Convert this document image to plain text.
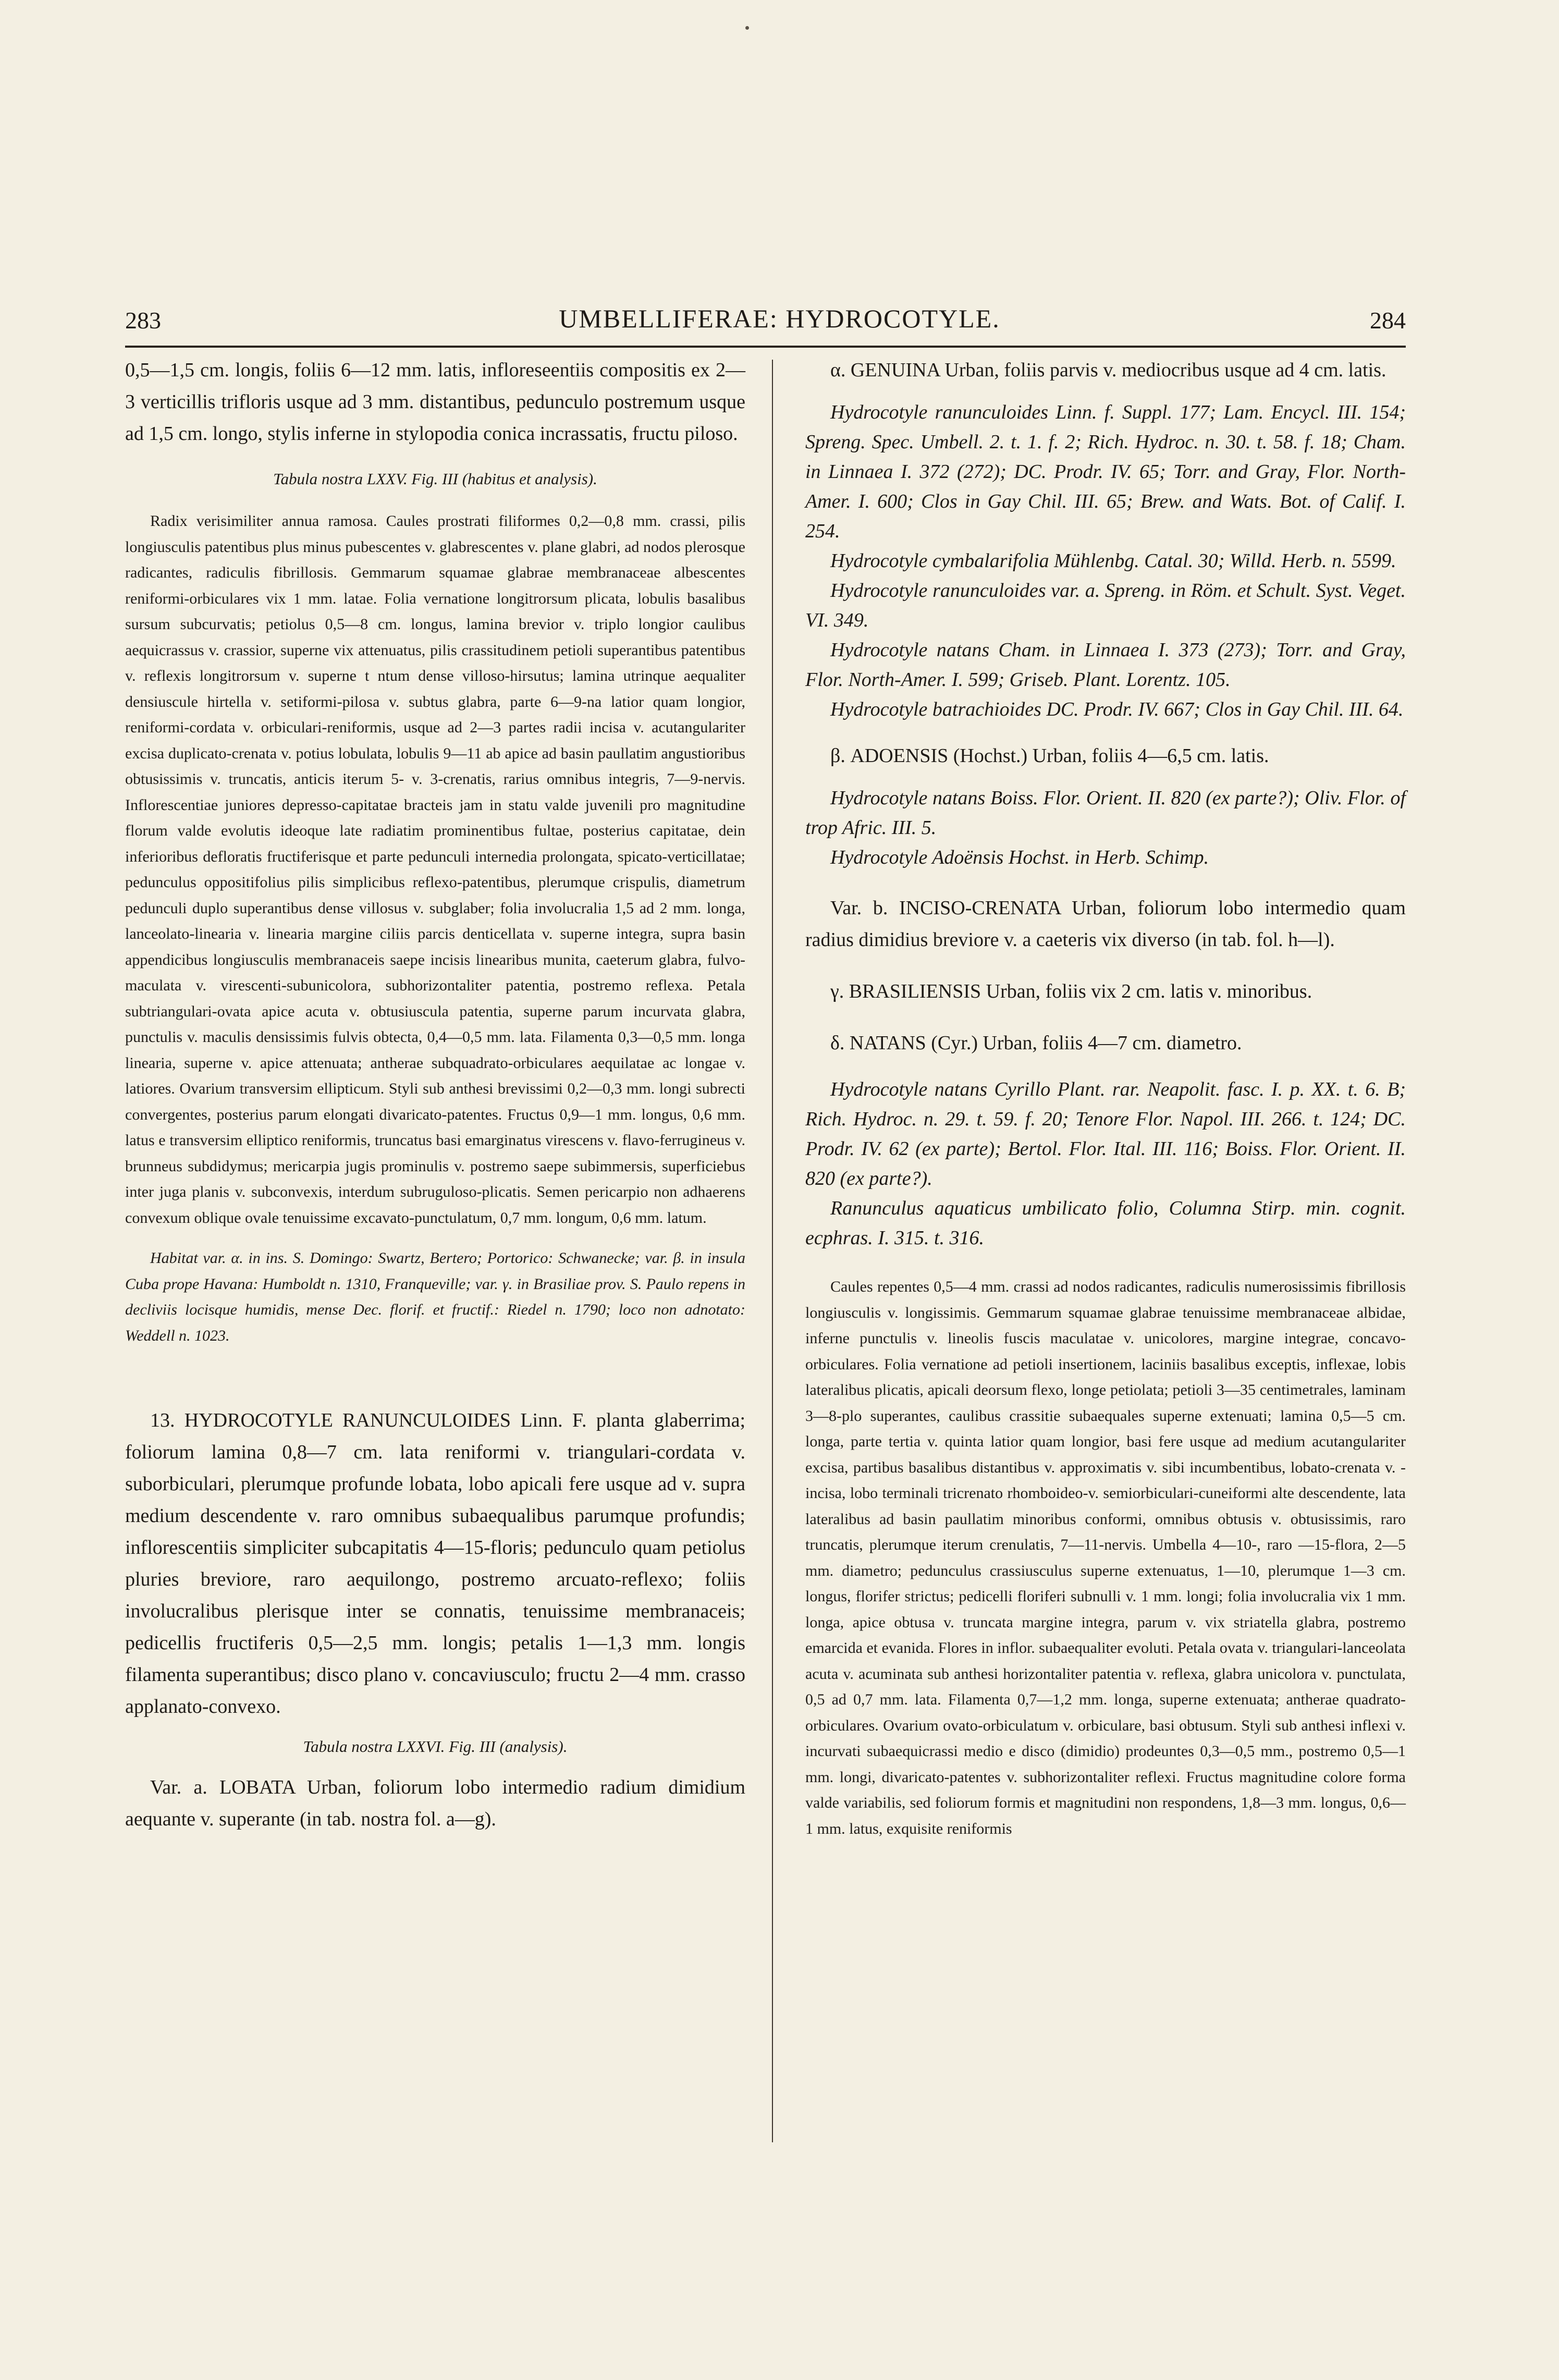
283	UMBELLIFERAE: HYDROCOTYLE.	284

0,5—1,5 cm. longis, foliis 6—12 mm. latis, infloreseentiis compositis ex 2—3 verticillis trifloris usque ad 3 mm. distantibus, pedunculo postremum usque ad 1,5 cm. longo, stylis inferne in stylopodia conica incrassatis, fructu piloso.

Tabula nostra LXXV. Fig. III (habitus et analysis).

Radix verisimiliter annua ramosa. Caules prostrati filiformes 0,2—0,8 mm. crassi, pilis longiusculis patentibus plus minus pubescentes v. glabrescentes v. plane glabri, ad nodos plerosque radicantes, radiculis fibrillosis. Gemmarum squamae glabrae membranaceae albescentes reniformi-orbiculares vix 1 mm. latae. Folia vernatione longitrorsum plicata, lobulis basalibus sursum subcurvatis; petiolus 0,5—8 cm. longus, lamina brevior v. triplo longior caulibus aequicrassus v. crassior, superne vix attenuatus, pilis crassitudinem petioli superantibus patentibus v. reflexis longitrorsum v. superne t ntum dense villoso-hirsutus; lamina utrinque aequaliter densiuscule hirtella v. setiformi-pilosa v. subtus glabra, parte 6—9-na latior quam longior, reniformi-cordata v. orbiculari-reniformis, usque ad 2—3 partes radii incisa v. acutangulariter excisa duplicato-crenata v. potius lobulata, lobulis 9—11 ab apice ad basin paullatim angustioribus obtusissimis v. truncatis, anticis iterum 5- v. 3-crenatis, rarius omnibus integris, 7—9-nervis. Inflorescentiae juniores depresso-capitatae bracteis jam in statu valde juvenili pro magnitudine florum valde evolutis ideoque late radiatim prominentibus fultae, posterius capitatae, dein inferioribus defloratis fructiferisque et parte pedunculi internedia prolongata, spicato-verticillatae; pedunculus oppositifolius pilis simplicibus reflexo-patentibus, plerumque crispulis, diametrum pedunculi duplo superantibus dense villosus v. subglaber; folia involucralia 1,5 ad 2 mm. longa, lanceolato-linearia v. linearia margine ciliis parcis denticellata v. superne integra, supra basin appendicibus longiusculis membranaceis saepe incisis linearibus munita, caeterum glabra, fulvo-maculata v. virescenti-subunicolora, subhorizontaliter patentia, postremo reflexa. Petala subtriangulari-ovata apice acuta v. obtusiuscula patentia, superne parum incurvata glabra, punctulis v. maculis densissimis fulvis obtecta, 0,4—0,5 mm. lata. Filamenta 0,3—0,5 mm. longa linearia, superne v. apice attenuata; antherae subquadrato-orbiculares aequilatae ac longae v. latiores. Ovarium transversim ellipticum. Styli sub anthesi brevissimi 0,2—0,3 mm. longi subrecti convergentes, posterius parum elongati divaricato-patentes. Fructus 0,9—1 mm. longus, 0,6 mm. latus e transversim elliptico reniformis, truncatus basi emarginatus virescens v. flavo-ferrugineus v. brunneus subdidymus; mericarpia jugis prominulis v. postremo saepe subimmersis, superficiebus inter juga planis v. subconvexis, interdum subruguloso-plicatis. Semen pericarpio non adhaerens convexum oblique ovale tenuissime excavato-punctulatum, 0,7 mm. longum, 0,6 mm. latum.

Habitat var. α. in ins. S. Domingo: Swartz, Bertero; Portorico: Schwanecke; var. β. in insula Cuba prope Havana: Humboldt n. 1310, Franqueville; var. γ. in Brasiliae prov. S. Paulo repens in decliviis locisque humidis, mense Dec. florif. et fructif.: Riedel n. 1790; loco non adnotato: Weddell n. 1023.

13. HYDROCOTYLE RANUNCULOIDES Linn. F. planta glaberrima; foliorum lamina 0,8—7 cm. lata reniformi v. triangulari-cordata v. suborbiculari, plerumque profunde lobata, lobo apicali fere usque ad v. supra medium descendente v. raro omnibus subaequalibus parumque profundis; inflorescentiis simpliciter subcapitatis 4—15-floris; pedunculo quam petiolus pluries breviore, raro aequilongo, postremo arcuato-reflexo; foliis involucralibus plerisque inter se connatis, tenuissime membranaceis; pedicellis fructiferis 0,5—2,5 mm. longis; petalis 1—1,3 mm. longis filamenta superantibus; disco plano v. concaviusculo; fructu 2—4 mm. crasso applanato-convexo.

Tabula nostra LXXVI. Fig. III (analysis).

Var. a. LOBATA Urban, foliorum lobo intermedio radium dimidium aequante v. superante (in tab. nostra fol. a—g).

α. GENUINA Urban, foliis parvis v. mediocribus usque ad 4 cm. latis.

Hydrocotyle ranunculoides Linn. f. Suppl. 177; Lam. Encycl. III. 154; Spreng. Spec. Umbell. 2. t. 1. f. 2; Rich. Hydroc. n. 30. t. 58. f. 18; Cham. in Linnaea I. 372 (272); DC. Prodr. IV. 65; Torr. and Gray, Flor. North-Amer. I. 600; Clos in Gay Chil. III. 65; Brew. and Wats. Bot. of Calif. I. 254.

Hydrocotyle cymbalarifolia Mühlenbg. Catal. 30; Willd. Herb. n. 5599.

Hydrocotyle ranunculoides var. a. Spreng. in Röm. et Schult. Syst. Veget. VI. 349.

Hydrocotyle natans Cham. in Linnaea I. 373 (273); Torr. and Gray, Flor. North-Amer. I. 599; Griseb. Plant. Lorentz. 105.

Hydrocotyle batrachioides DC. Prodr. IV. 667; Clos in Gay Chil. III. 64.

β. ADOENSIS (Hochst.) Urban, foliis 4—6,5 cm. latis.

Hydrocotyle natans Boiss. Flor. Orient. II. 820 (ex parte?); Oliv. Flor. of trop Afric. III. 5.

Hydrocotyle Adoënsis Hochst. in Herb. Schimp.

Var. b. INCISO-CRENATA Urban, foliorum lobo intermedio quam radius dimidius breviore v. a caeteris vix diverso (in tab. fol. h—l).

γ. BRASILIENSIS Urban, foliis vix 2 cm. latis v. minoribus.

δ. NATANS (Cyr.) Urban, foliis 4—7 cm. diametro.

Hydrocotyle natans Cyrillo Plant. rar. Neapolit. fasc. I. p. XX. t. 6. B; Rich. Hydroc. n. 29. t. 59. f. 20; Tenore Flor. Napol. III. 266. t. 124; DC. Prodr. IV. 62 (ex parte); Bertol. Flor. Ital. III. 116; Boiss. Flor. Orient. II. 820 (ex parte?).

Ranunculus aquaticus umbilicato folio, Columna Stirp. min. cognit. ecphras. I. 315. t. 316.

Caules repentes 0,5—4 mm. crassi ad nodos radicantes, radiculis numerosissimis fibrillosis longiusculis v. longissimis. Gemmarum squamae glabrae tenuissime membranaceae albidae, inferne punctulis v. lineolis fuscis maculatae v. unicolores, margine integrae, concavo-orbiculares. Folia vernatione ad petioli insertionem, laciniis basalibus exceptis, inflexae, lobis lateralibus plicatis, apicali deorsum flexo, longe petiolata; petioli 3—35 centimetrales, laminam 3—8-plo superantes, caulibus crassitie subaequales superne extenuati; lamina 0,5—5 cm. longa, parte tertia v. quinta latior quam longior, basi fere usque ad medium acutangulariter excisa, partibus basalibus distantibus v. approximatis v. sibi incumbentibus, lobato-crenata v. -incisa, lobo terminali tricrenato rhomboideo-v. semiorbiculari-cuneiformi alte descendente, lata lateralibus ad basin paullatim minoribus conformi, omnibus obtusis v. obtusissimis, raro truncatis, plerumque iterum crenulatis, 7—11-nervis. Umbella 4—10-, raro —15-flora, 2—5 mm. diametro; pedunculus crassiusculus superne extenuatus, 1—10, plerumque 1—3 cm. longus, florifer strictus; pedicelli floriferi subnulli v. 1 mm. longi; folia involucralia vix 1 mm. longa, apice obtusa v. truncata margine integra, parum v. vix striatella glabra, postremo emarcida et evanida. Flores in inflor. subaequaliter evoluti. Petala ovata v. triangulari-lanceolata acuta v. acuminata sub anthesi horizontaliter patentia v. reflexa, glabra unicolora v. punctulata, 0,5 ad 0,7 mm. lata. Filamenta 0,7—1,2 mm. longa, superne extenuata; antherae quadrato-orbiculares. Ovarium ovato-orbiculatum v. orbiculare, basi obtusum. Styli sub anthesi inflexi v. incurvati subaequicrassi medio e disco (dimidio) prodeuntes 0,3—0,5 mm., postremo 0,5—1 mm. longi, divaricato-patentes v. subhorizontaliter reflexi. Fructus magnitudine colore forma valde variabilis, sed foliorum formis et magnitudini non respondens, 1,8—3 mm. longus, 0,6—1 mm. latus, exquisite reniformis
